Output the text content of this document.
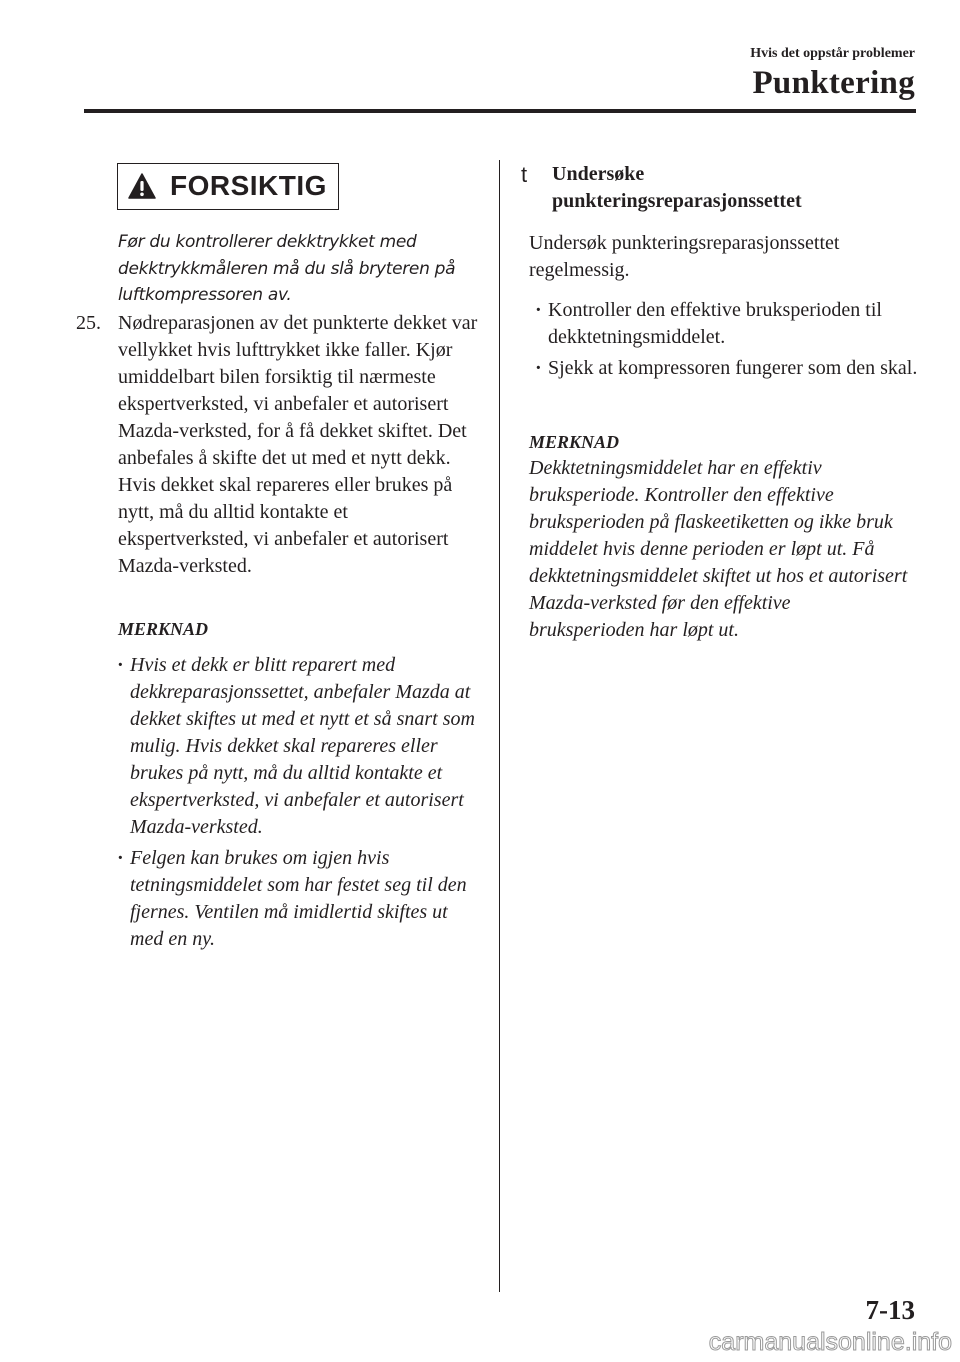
Hvis det oppstår problemer
Punktering
FORSIKTIG

Før du kontrollerer dekktrykket med dekktrykkmåleren må du slå bryteren på luftkompressoren av.

25. Nødreparasjonen av det punkterte dekket var vellykket hvis lufttrykket ikke faller. Kjør umiddelbart bilen forsiktig til nærmeste ekspertverksted, vi anbefaler et autorisert Mazda-verksted, for å få dekket skiftet. Det anbefales å skifte det ut med et nytt dekk. Hvis dekket skal repareres eller brukes på nytt, må du alltid kontakte et ekspertverksted, vi anbefaler et autorisert Mazda-verksted.

MERKNAD
· Hvis et dekk er blitt reparert med dekkreparasjonssettet, anbefaler Mazda at dekket skiftes ut med et nytt et så snart som mulig. Hvis dekket skal repareres eller brukes på nytt, må du alltid kontakte et ekspertverksted, vi anbefaler et autorisert Mazda-verksted.
· Felgen kan brukes om igjen hvis tetningsmiddelet som har festet seg til den fjernes. Ventilen må imidlertid skiftes ut med en ny.
t Undersøke punkteringsreparasjonssettet

Undersøk punkteringsreparasjonssettet regelmessig.

· Kontroller den effektive bruksperioden til dekktetningsmiddelet.
· Sjekk at kompressoren fungerer som den skal.
MERKNAD

Dekktetningsmiddelet har en effektiv bruksperiode. Kontroller den effektive bruksperioden på flaskeetiketten og ikke bruk middelet hvis denne perioden er løpt ut. Få dekktetningsmiddelet skiftet ut hos et autorisert Mazda-verksted før den effektive bruksperioden har løpt ut.

7-13
carmanualsonline.info
